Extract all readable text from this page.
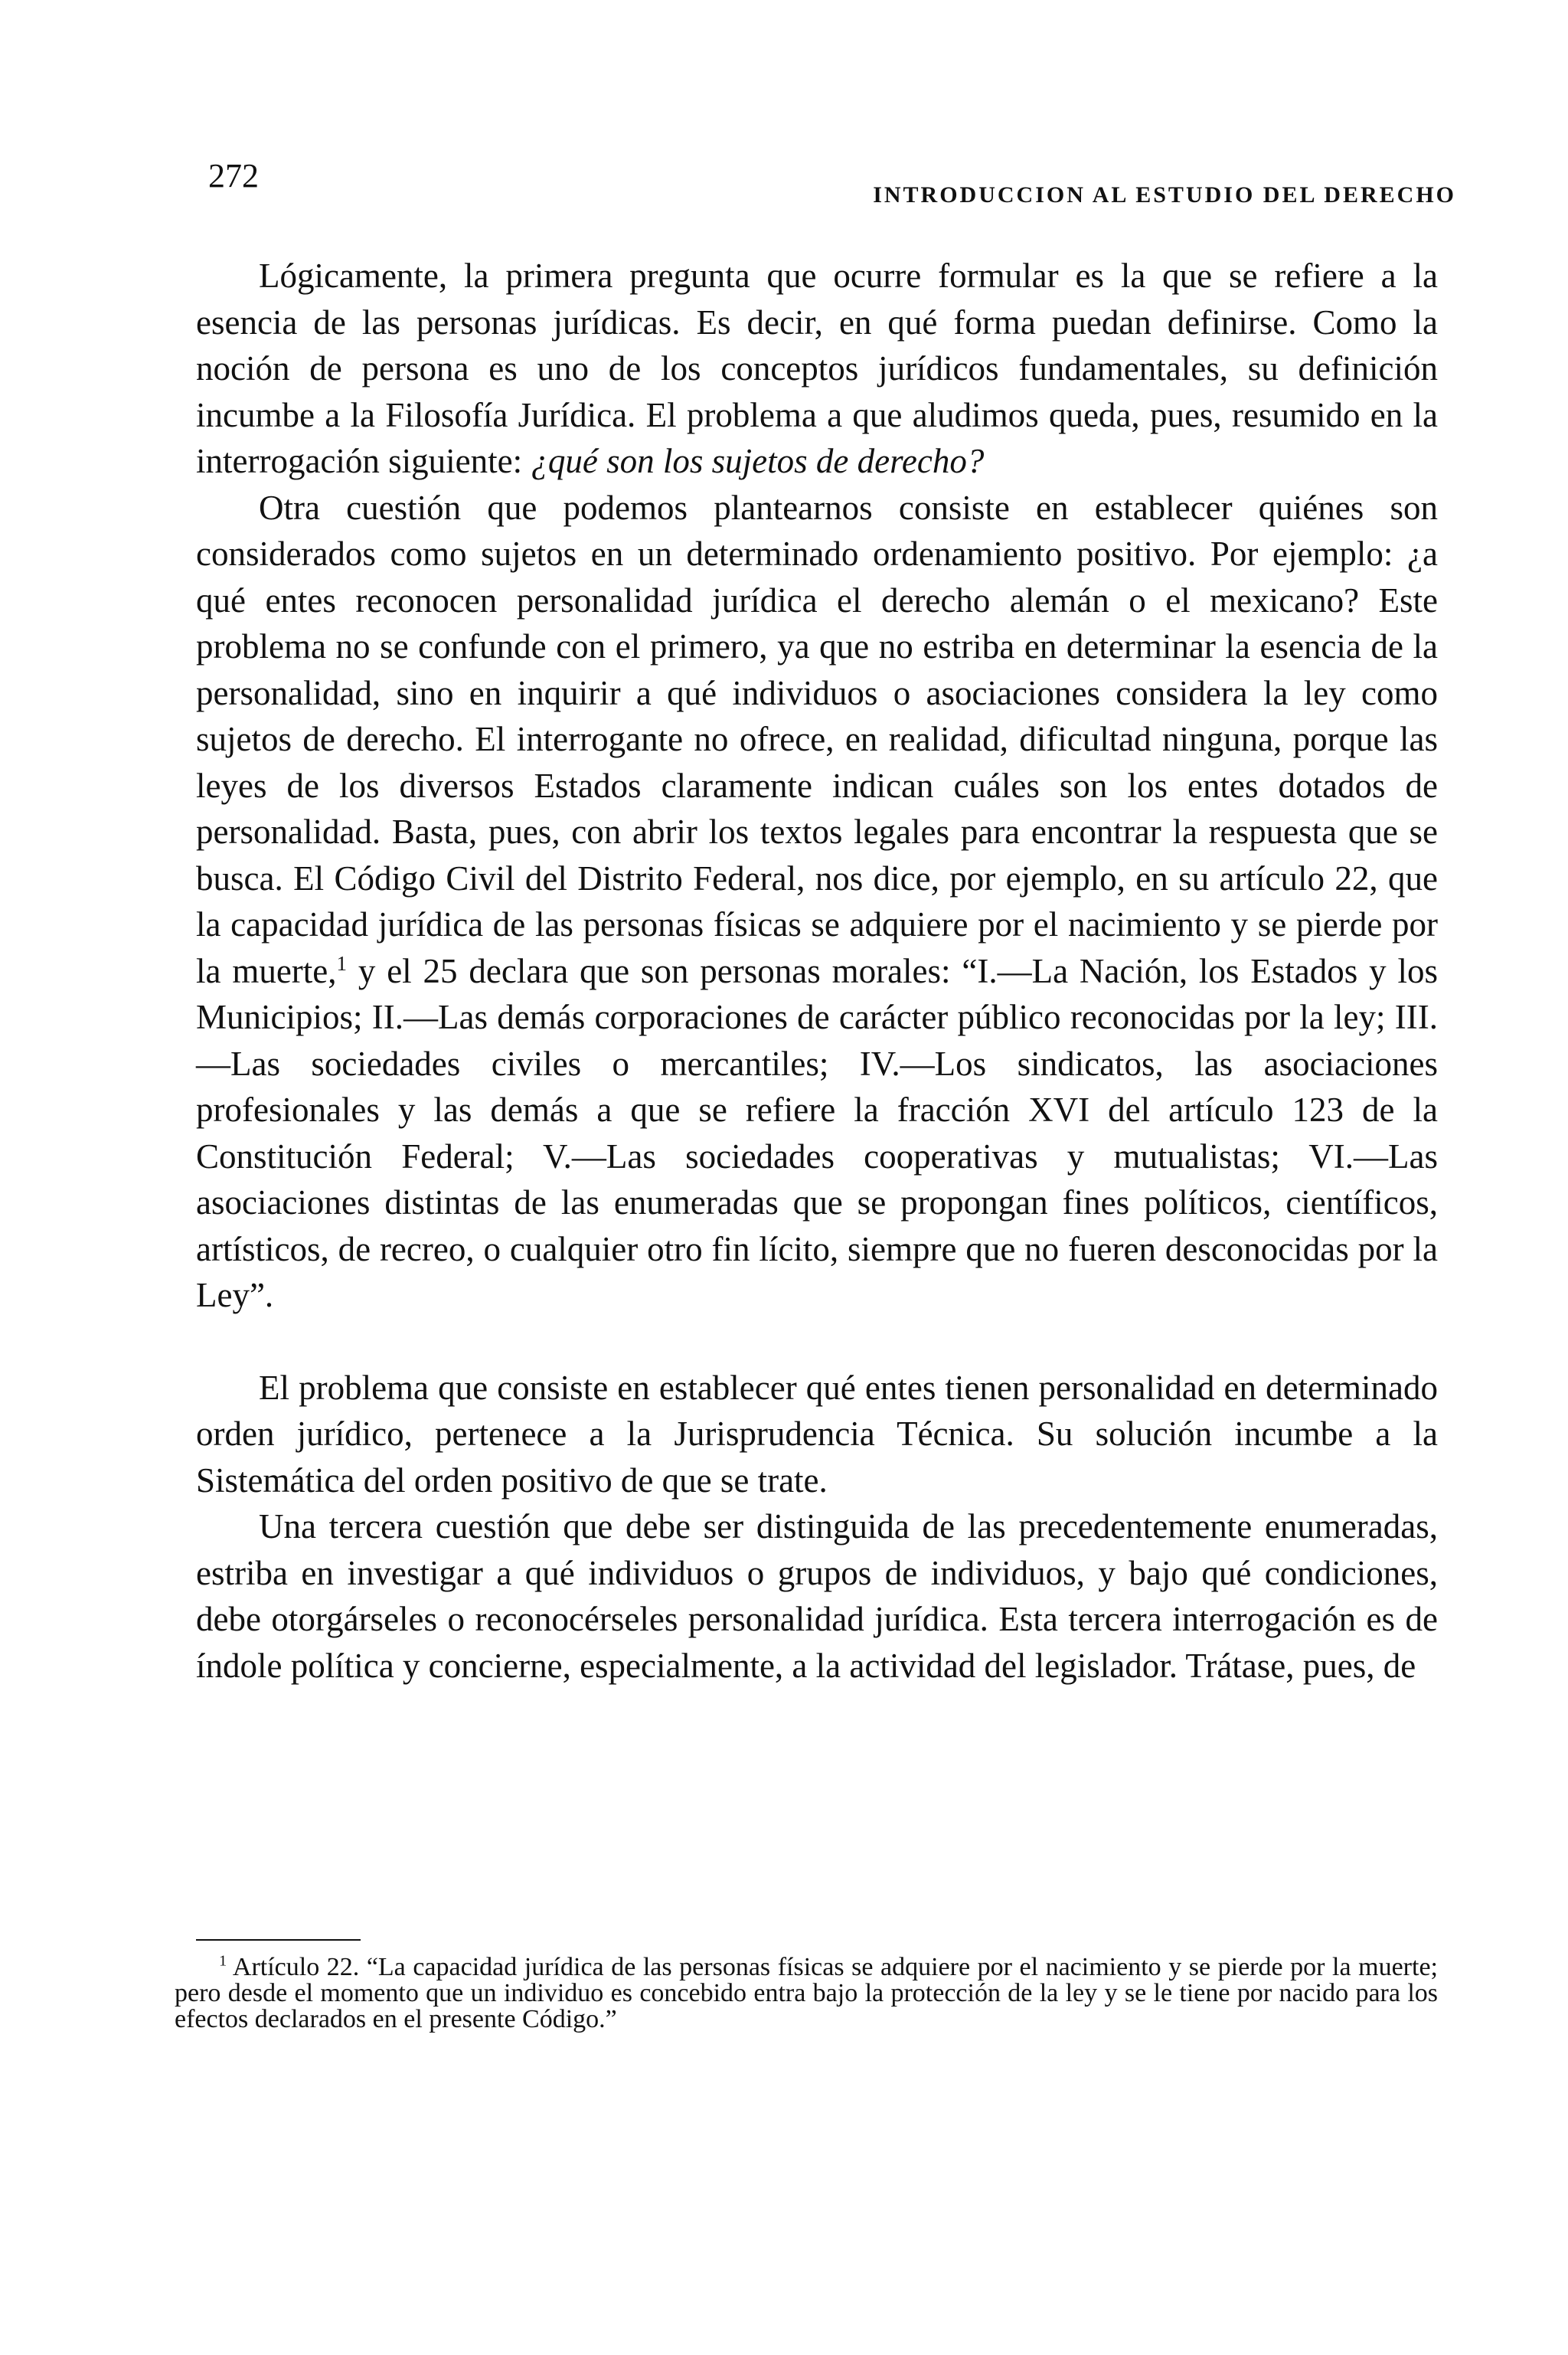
272
INTRODUCCION AL ESTUDIO DEL DERECHO

Lógicamente, la primera pregunta que ocurre formular es la que se refiere a la esencia de las personas jurídicas. Es decir, en qué forma puedan definirse. Como la noción de persona es uno de los conceptos jurídicos fundamentales, su definición incumbe a la Filosofía Jurídica. El problema a que aludimos queda, pues, resumido en la interrogación siguiente: ¿qué son los sujetos de derecho?

Otra cuestión que podemos plantearnos consiste en establecer quiénes son considerados como sujetos en un determinado ordenamiento positivo. Por ejemplo: ¿a qué entes reconocen personalidad jurídica el derecho alemán o el mexicano? Este problema no se confunde con el primero, ya que no estriba en determinar la esencia de la personalidad, sino en inquirir a qué individuos o asociaciones considera la ley como sujetos de derecho. El interrogante no ofrece, en realidad, dificultad ninguna, porque las leyes de los diversos Estados claramente indican cuáles son los entes dotados de personalidad. Basta, pues, con abrir los textos legales para encontrar la respuesta que se busca. El Código Civil del Distrito Federal, nos dice, por ejemplo, en su artículo 22, que la capacidad jurídica de las personas físicas se adquiere por el nacimiento y se pierde por la muerte,$^1$ y el 25 declara que son personas morales: “I.—La Nación, los Estados y los Municipios; II.—Las demás corporaciones de carácter público reconocidas por la ley; III.—Las sociedades civiles o mercantiles; IV.—Los sindicatos, las asociaciones profesionales y las demás a que se refiere la fracción XVI del artículo 123 de la Constitución Federal; V.—Las sociedades cooperativas y mutualistas; VI.—Las asociaciones distintas de las enumeradas que se propongan fines políticos, científicos, artísticos, de recreo, o cualquier otro fin lícito, siempre que no fueren desconocidas por la Ley”.

El problema que consiste en establecer qué entes tienen personalidad en determinado orden jurídico, pertenece a la Jurisprudencia Técnica. Su solución incumbe a la Sistemática del orden positivo de que se trate.

Una tercera cuestión que debe ser distinguida de las precedentemente enumeradas, estriba en investigar a qué individuos o grupos de individuos, y bajo qué condiciones, debe otorgárseles o reconocérseles personalidad jurídica. Esta tercera interrogación es de índole política y concierne, especialmente, a la actividad del legislador. Trátase, pues, de

$^1$ Artículo 22. “La capacidad jurídica de las personas físicas se adquiere por el nacimiento y se pierde por la muerte; pero desde el momento que un individuo es concebido entra bajo la protección de la ley y se le tiene por nacido para los efectos declarados en el presente Código.”
